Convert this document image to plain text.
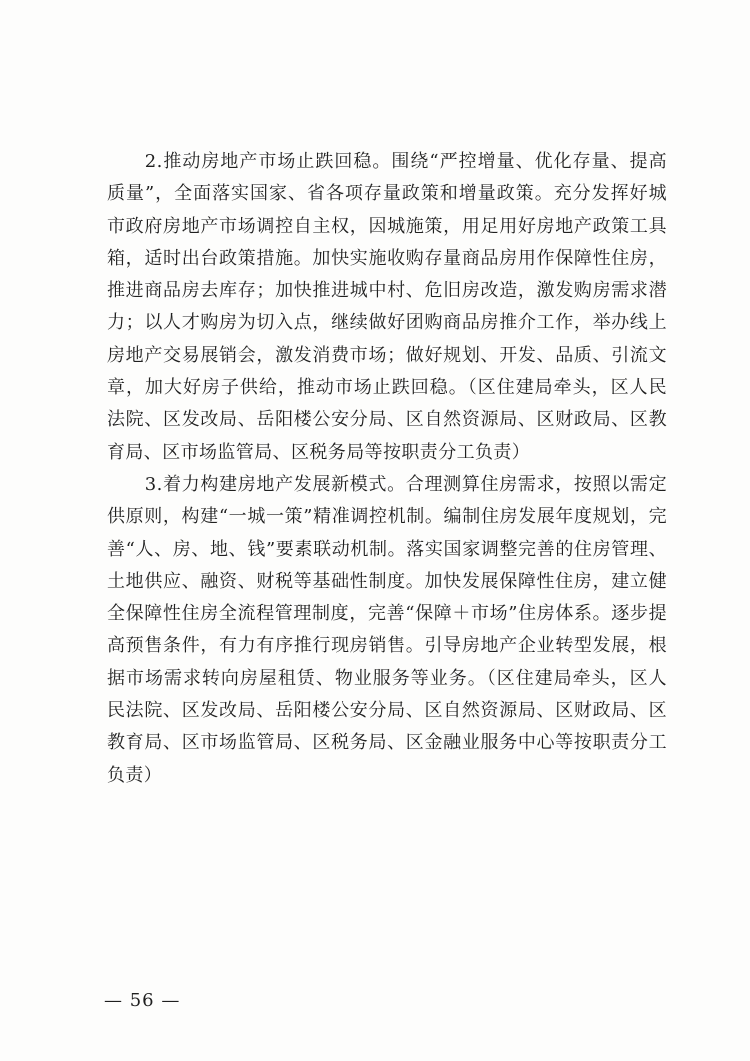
2.推动房地产市场止跌回稳。围绕“严控增量、优化存量、提高质量”，全面落实国家、省各项存量政策和增量政策。充分发挥好城市政府房地产市场调控自主权，因城施策，用足用好房地产政策工具箱，适时出台政策措施。加快实施收购存量商品房用作保障性住房，推进商品房去库存；加快推进城中村、危旧房改造，激发购房需求潜力；以人才购房为切入点，继续做好团购商品房推介工作，举办线上房地产交易展销会，激发消费市场；做好规划、开发、品质、引流文章，加大好房子供给，推动市场止跌回稳。（区住建局牵头，区人民法院、区发改局、岳阳楼公安分局、区自然资源局、区财政局、区教育局、区市场监管局、区税务局等按职责分工负责）

3.着力构建房地产发展新模式。合理测算住房需求，按照以需定供原则，构建“一城一策”精准调控机制。编制住房发展年度规划，完善“人、房、地、钱”要素联动机制。落实国家调整完善的住房管理、土地供应、融资、财税等基础性制度。加快发展保障性住房，建立健全保障性住房全流程管理制度，完善“保障＋市场”住房体系。逐步提高预售条件，有力有序推行现房销售。引导房地产企业转型发展，根据市场需求转向房屋租赁、物业服务等业务。（区住建局牵头，区人民法院、区发改局、岳阳楼公安分局、区自然资源局、区财政局、区教育局、区市场监管局、区税务局、区金融业服务中心等按职责分工负责）

— 56 —
